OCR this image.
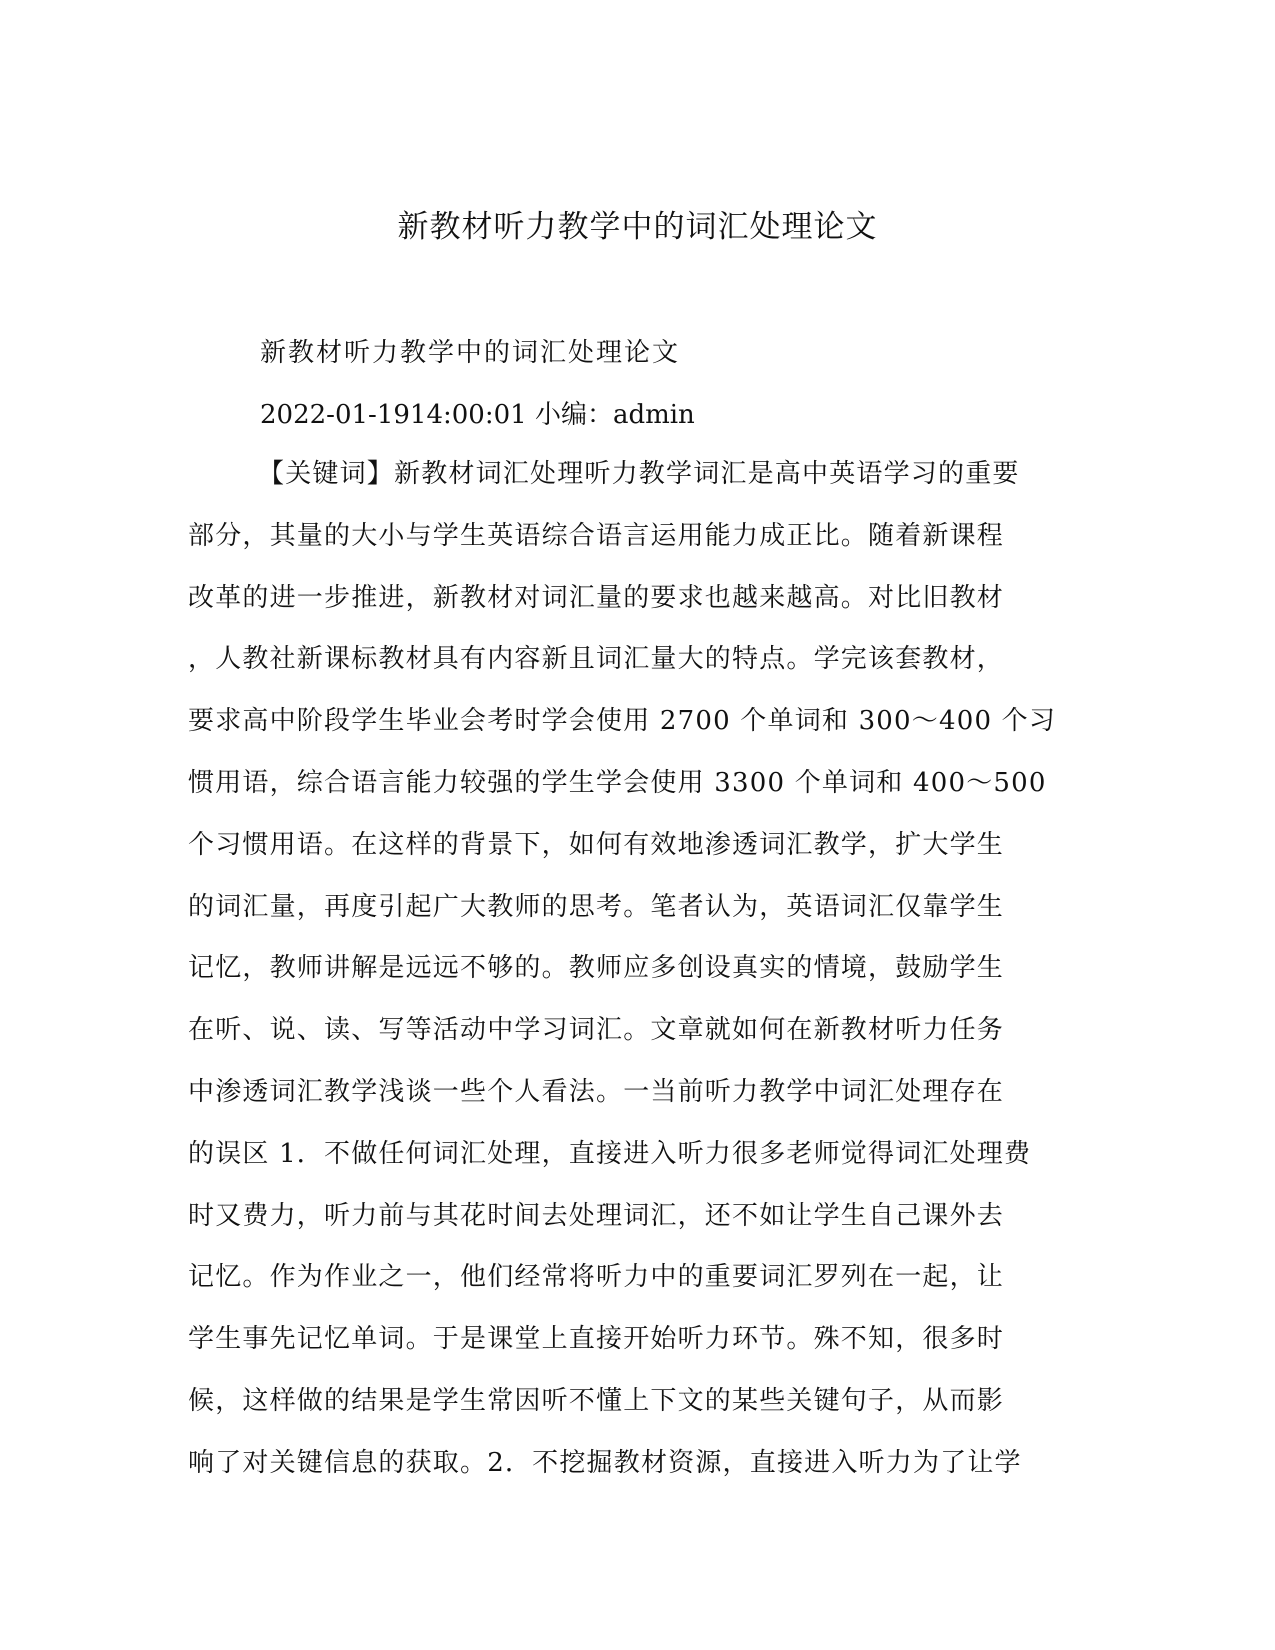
新教材听力教学中的词汇处理论文
新教材听力教学中的词汇处理论文
2022-01-1914:00:01 小编：admin
【关键词】新教材词汇处理听力教学词汇是高中英语学习的重要
部分，其量的大小与学生英语综合语言运用能力成正比。随着新课程
改革的进一步推进，新教材对词汇量的要求也越来越高。对比旧教材
，人教社新课标教材具有内容新且词汇量大的特点。学完该套教材，
要求高中阶段学生毕业会考时学会使用 2700 个单词和 300～400 个习
惯用语，综合语言能力较强的学生学会使用 3300 个单词和 400～500
个习惯用语。在这样的背景下，如何有效地渗透词汇教学，扩大学生
的词汇量，再度引起广大教师的思考。笔者认为，英语词汇仅靠学生
记忆，教师讲解是远远不够的。教师应多创设真实的情境，鼓励学生
在听、说、读、写等活动中学习词汇。文章就如何在新教材听力任务
中渗透词汇教学浅谈一些个人看法。一当前听力教学中词汇处理存在
的误区 1．不做任何词汇处理，直接进入听力很多老师觉得词汇处理费
时又费力，听力前与其花时间去处理词汇，还不如让学生自己课外去
记忆。作为作业之一，他们经常将听力中的重要词汇罗列在一起，让
学生事先记忆单词。于是课堂上直接开始听力环节。殊不知，很多时
候，这样做的结果是学生常因听不懂上下文的某些关键句子，从而影
响了对关键信息的获取。2．不挖掘教材资源，直接进入听力为了让学
